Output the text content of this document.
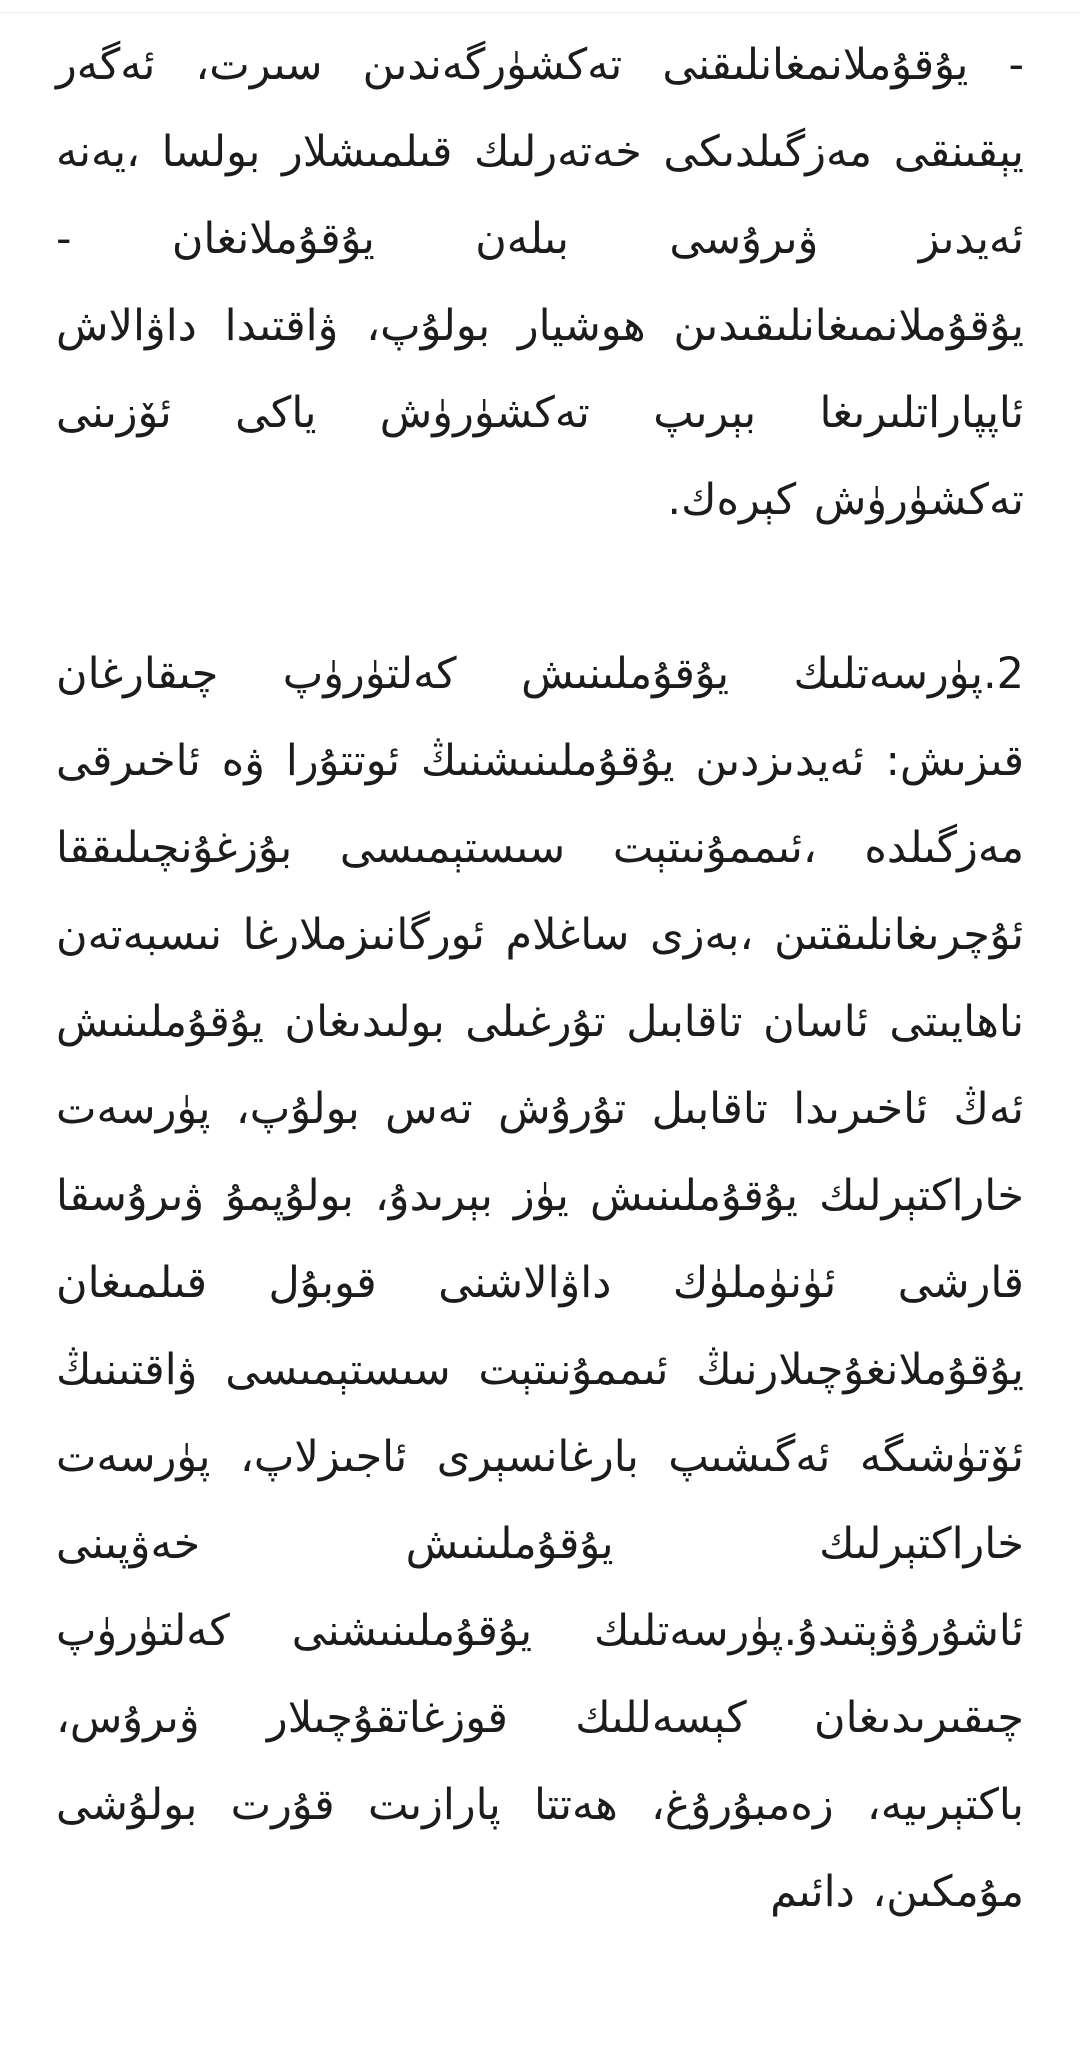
- يۇقۇملانمغانلىقنى تەكشۈرگەندىن سىرت، ئەگەر يېقىنقى مەزگىلدىكى خەتەرلىك قىلمىشلار بولسا ،يەنە ئەيدىز ۋىرۇسى بىلەن يۇقۇملانغان - يۇقۇملانمىغانلىقىدىن ھوشيار بولۇپ، ۋاقتىدا داۋالاش ئاپپاراتلىرىغا بېرىپ تەكشۈرۈش ياكى ئۆزىنى تەكشۈرۈش كېرەك.

2.پۈرسەتلىك يۇقۇملىنىش كەلتۈرۈپ چىقارغان قىزىش: ئەيدىزدىن يۇقۇملىنىشنىڭ ئوتتۇرا ۋە ئاخىرقى مەزگىلدە ،ئىممۇنىتېت سىستېمىسى بۇزغۇنچىلىققا ئۇچرىغانلىقتىن ،بەزى ساغلام ئورگانىزملارغا نىسبەتەن ناھايىتى ئاسان تاقابىل تۇرغىلى بولىدىغان يۇقۇملىنىش ئەڭ ئاخىرىدا تاقابىل تۇرۇش تەس بولۇپ، پۈرسەت خاراكتېرلىك يۇقۇملىنىش يۈز بېرىدۇ، بولۇپمۇ ۋىرۇسقا قارشى ئۈنۈملۈك داۋالاشنى قوبۇل قىلمىغان يۇقۇملانغۇچىلارنىڭ ئىممۇنىتېت سىستېمىسى ۋاقتىنىڭ ئۆتۈشىگە ئەگىشىپ بارغانسېرى ئاجىزلاپ، پۈرسەت خاراكتېرلىك يۇقۇملىنىش خەۋپىنى ئاشۇرۇۋېتىدۇ.پۈرسەتلىك يۇقۇملىنىشنى كەلتۈرۈپ چىقىرىدىغان كېسەللىك قوزغاتقۇچىلار ۋىرۇس، باكتېرىيە، زەمبۇرۇغ، ھەتتا پارازىت قۇرت بولۇشى مۇمكىن، دائىم
